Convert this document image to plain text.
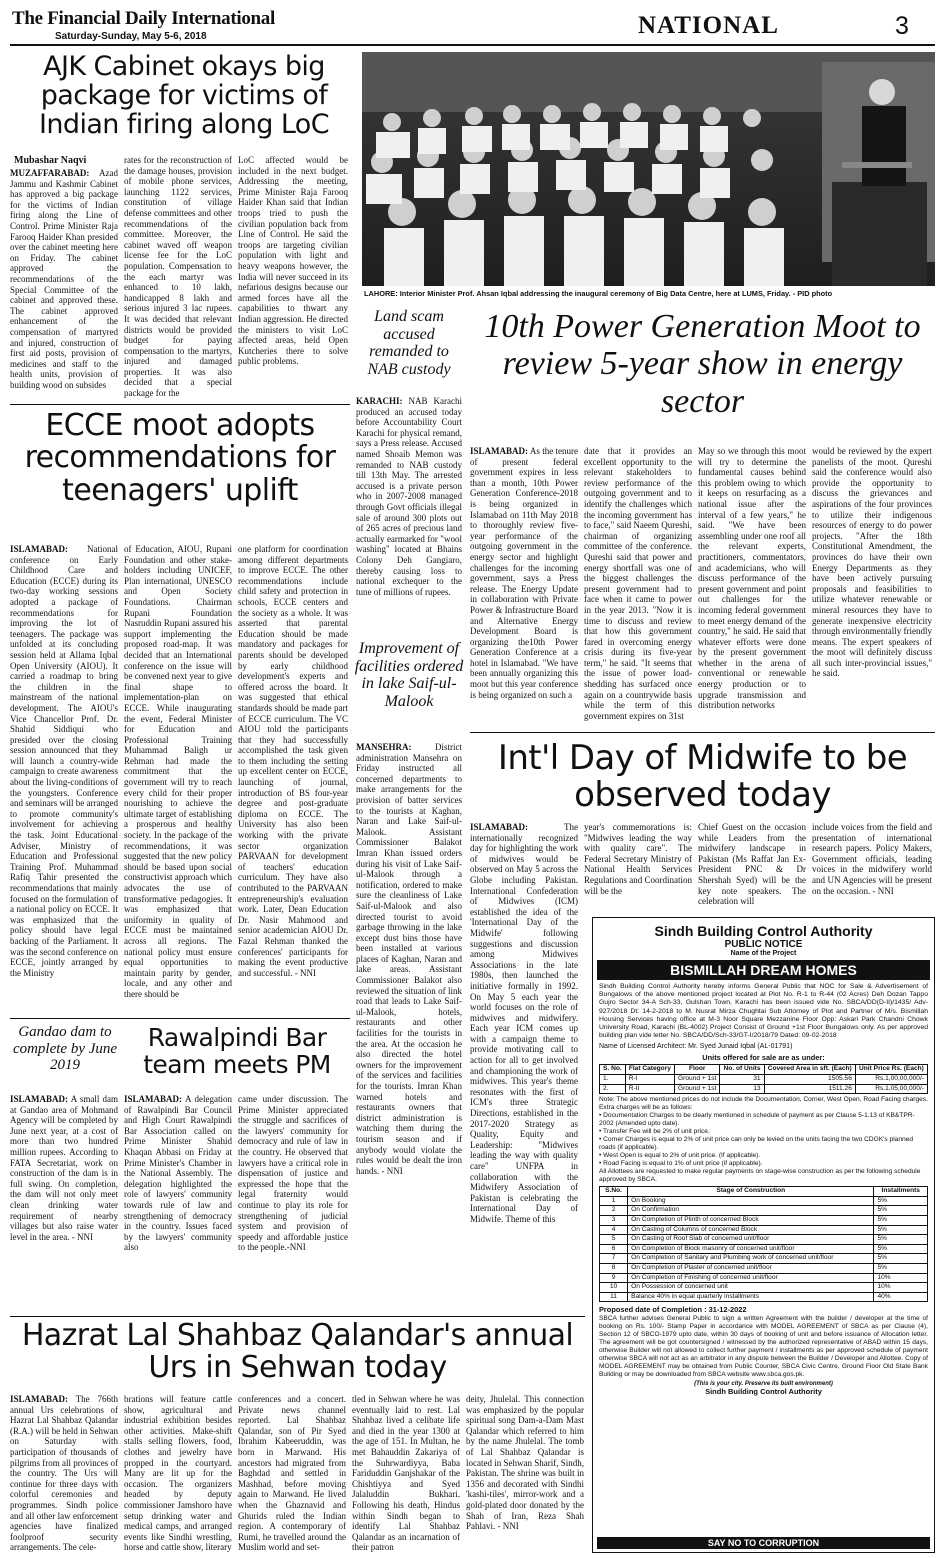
The Financial Daily International
Saturday-Sunday, May 5-6, 2018	NATIONAL	3
AJK Cabinet okays big package for victims of Indian firing along LoC
Mubashar Naqvi
MUZAFFARABAD: Azad Jammu and Kashmir Cabinet has approved a big package for the victims of Indian firing along the Line of Control. Prime Minister Raja Farooq Haider Khan presided over the cabinet meeting here on Friday. The cabinet approved the recommendations of the Special Committee of the cabinet and approved these. The cabinet approved enhancement of the compensation of martyred and injured, construction of first aid posts, provision of medicines and staff to the health units, provision of building wood on subsides
rates for the reconstruction of the damage houses, provision of mobile phone services, launching 1122 services, constitution of village defense committees and other recommendations of the committee. Moreover, the cabinet waved off weapon license fee for the LoC population. Compensation to the each martyr was enhanced to 10 lakh, handicapped 8 lakh and serious injured 3 lac rupees. It was decided that relevant districts would be provided budget for paying compensation to the martyrs, injured and damaged properties. It was also decided that a special package for the
LoC affected would be included in the next budget. Addressing the meeting, Prime Minister Raja Farooq Haider Khan said that Indian troops tried to push the civilian population back from Line of Control. He said the troops are targeting civilian population with light and heavy weapons however, the India will never succeed in its nefarious designs because our armed forces have all the capabilities to thwart any Indian aggression. He directed the ministers to visit LoC affected areas, held Open Kutcheries there to solve public problems.
LAHORE: Interior Minister Prof. Ahsan Iqbal addressing the inaugural ceremony of Big Data Centre, here at LUMS, Friday. - PID photo
Land scam accused remanded to NAB custody
KARACHI: NAB Karachi produced an accused today before Accountability Court Karachi for physical remand, says a Press release. Accused named Shoaib Memon was remanded to NAB custody till 13th May. The arrested accused is a private person who in 2007-2008 managed through Govt officials illegal sale of around 300 plots out of 265 acres of precious land actually earmarked for "wool washing" located at Bhains Colony Deh Gangiaro, thereby causing loss to national exchequer to the tune of millions of rupees.
Improvement of facilities ordered in lake Saif-ul-Malook
MANSEHRA:	District administration Mansehra on Friday instructed all concerned departments to make arrangements for the provision of batter services to the tourists at Kaghan, Naran and Lake Saif-ul-Malook. Assistant Commissioner Balakot Imran Khan issued orders during his visit of Lake Saif-ul-Malook through a notification, ordered to make sure the cleanliness of Lake Saif-ul-Malook and also directed tourist to avoid garbage throwing in the lake except dust bins those have been installed at various places of Kaghan, Naran and lake areas. Assistant Commissioner Balakot also reviewed the situation of link road that leads to Lake Saif-ul-Malook, hotels, restaurants and other facilities for the tourists in the area. At the occasion he also directed the hotel owners for the improvement of the services and facilities for the tourists. Imran Khan warned hotels and restaurants owners that district administration is watching them during the tourism season and if anybody would violate the rules would be dealt the iron hands. - NNI
10th Power Generation Moot to review 5-year show in energy sector
ISLAMABAD: As the tenure of present federal government expires in less than a month, 10th Power Generation Conference-2018 is being organized in Islamabad on 11th May 2018 to thoroughly review five-year performance of the outgoing government in the energy sector and highlight challenges for the incoming government, says a Press release. The Energy Update in collaboration with Private Power & Infrastructure Board and Alternative Energy Development Board is organizing the10th Power Generation Conference at a hotel in Islamabad. "We have been annually organizing this moot but this year conference is being organized on such a
date that it provides an excellent opportunity to the relevant stakeholders to review performance of the outgoing government and to identify the challenges which the incoming government has to face," said Naeem Qureshi, chairman of organizing committee of the conference. Qureshi said that power and energy shortfall was one of the biggest challenges the present government had to face when it came to power in the year 2013. "Now it is time to discuss and review that how this government fared in overcoming energy crisis during its five-year term," he said. "It seems that the issue of power load-shedding has surfaced once again on a countrywide basis while the term of this government expires on 31st
May so we through this moot will try to determine the fundamental causes behind this problem owing to which it keeps on resurfacing as a national issue after the interval of a few years," he said. "We have been assembling under one roof all the relevant experts, practitioners, commentators, and academicians, who will discuss performance of the present government and point out challenges for the incoming federal government to meet energy demand of the country," he said. He said that whatever efforts were done by the present government whether in the arena of conventional or renewable energy production or to upgrade transmission and distribution networks
would be reviewed by the expert panelists of the moot. Qureshi said the conference would also provide the opportunity to discuss the grievances and aspirations of the four provinces to utilize their indigenous resources of energy to do power projects. "After the 18th Constitutional Amendment, the provinces do have their own Energy Departments as they have been actively pursuing proposals and feasibilities to utilize whatever renewable or mineral resources they have to generate inexpensive electricity through environmentally friendly means. The expert speakers of the moot will definitely discuss all such inter-provincial issues," he said.
ECCE moot adopts recommendations for teenagers' uplift
ISLAMABAD: National conference on Early Childhood Care and Education (ECCE) during its two-day working sessions adopted a package of recommendations for improving the lot of teenagers. The package was unfolded at its concluding session held at Allama Iqbal Open University (AIOU). It carried a roadmap to bring the children in the mainstream of the national development. The AIOU's Vice Chancellor Prof. Dr. Shahid Siddiqui who presided over the closing session announced that they will launch a country-wide campaign to create awareness about the living-conditions of the youngsters. Conference and seminars will be arranged to promote community's involvement for achieving the task. Joint Educational Adviser, Ministry of Education and Professional Training Prof. Muhammad Rafiq Tahir presented the recommendations that mainly focused on the formulation of a national policy on ECCE. It was emphasized that the policy should have legal backing of the Parliament. It was the second conference on ECCE, jointly arranged by the Ministry
of Education, AIOU, Rupani Foundation and other stake-holders including UNICEF, Plan international, UNESCO and Open Society Foundations. Chairman Rupani Foundation Nasruddin Rupani assured his support implementing the proposed road-map. It was decided that an International conference on the issue will be convened next year to give final shape to implementation-plan on ECCE. While inaugurating the event, Federal Minister for Education and Professional Training Muhammad Baligh ur Rehman had made the commitment that the government will try to reach every child for their proper nourishing to achieve the ultimate target of establishing a prosperous and healthy society. In the package of the recommendations, it was suggested that the new policy should be based upon social constructivist approach which advocates the use of transformative pedagogies. It was emphasized that uniformity in quality of ECCE must be maintained across all regions. The national policy must ensure equal opportunities to maintain parity by gender, locale, and any other and there should be
one platform for coordination among different departments to improve ECCE. The other recommendations include child safety and protection in schools, ECCE centers and the society as a whole. It was asserted that parental Education should be made mandatory and packages for parents should be developed by early childhood development's experts and offered across the board. It was suggested that ethical standards should be made part of ECCE curriculum. The VC AIOU told the participants that they had successfully accomplished the task given to them including the setting up excellent center on ECCE, launching of journal, introduction of BS four-year degree and post-graduate diploma on ECCE. The University has also been working with the private sector organization PARVAAN for development of teachers' education curriculum. They have also contributed to the PARVAAN entrepreneurship's evaluation work. Later, Dean Education Dr. Nasir Mahmood and senior academician AIOU Dr. Fazal Rehman thanked the conferences' participants for making the event productive and successful. - NNI
Int'l Day of Midwife to be observed today
ISLAMABAD:	The internationally recognized day for highlighting the work of midwives would be observed on May 5 across the Globe including Pakistan. International Confederation of Midwives (ICM) established the idea of the 'International Day of the Midwife' following suggestions and discussion among Midwives Associations in the late 1980s, then launched the initiative formally in 1992. On May 5 each year the world focuses on the role of midwives and midwifery. Each year ICM comes up with a campaign theme to provide motivating call to action for all to get involved and championing the work of midwives. This year's theme resonates with the first of ICM's three Strategic Directions, established in the 2017-2020 Strategy as Quality, Equity and Leadership: "Midwives leading the way with quality care" UNFPA in collaboration with the Midwifery Association of Pakistan is celebrating the International Day of Midwife. Theme of this
year's commemorations is: "Midwives leading the way with quality care". The Federal Secretary Ministry of National Health Services Regulations and Coordination will be the
Chief Guest on the occasion while Leaders from the midwifery landscape in Pakistan (Ms Raffat Jan Ex-President PNC & Dr Shershah Syed) will be the key note speakers. The celebration will
include voices from the field and presentation of international research papers. Policy Makers, Government officials, leading voices in the midwifery world and UN Agencies will be present on the occasion. - NNI
Gandao dam to complete by June 2019
ISLAMABAD: A small dam at Gandao area of Mohmand Agency will be completed by June next year, at a cost of more than two hundred million rupees. According to FATA Secretariat, work on construction of the dam is in full swing. On completion, the dam will not only meet clean drinking water requirement of nearby villages but also raise water level in the area. - NNI
Rawalpindi Bar team meets PM
ISLAMABAD: A delegation of Rawalpindi Bar Council and High Court Rawalpindi Bar Association called on Prime Minister Shahid Khaqan Abbasi on Friday at Prime Minister's Chamber in the National Assembly. The delegation highlighted the role of lawyers' community towards rule of law and strengthening of democracy in the country. Issues faced by the lawyers' community also
came under discussion. The Prime Minister appreciated the struggle and sacrifices of the lawyers' community for democracy and rule of law in the country. He observed that lawyers have a critical role in dispensation of justice and expressed the hope that the legal fraternity would continue to play its role for strengthening of judicial system and provision of speedy and affordable justice to the people.-NNI
Hazrat Lal Shahbaz Qalandar's annual Urs in Sehwan today
ISLAMABAD: The 766th annual Urs celebrations of Hazrat Lal Shahbaz Qalandar (R.A.) will be held in Sehwan on Saturday with participation of thousands of pilgrims from all provinces of the country. The Urs will continue for three days with colorful ceremonies and programmes. Sindh police and all other law enforcement agencies have finalized foolproof security arrangements. The cele-
brations will feature cattle show, agricultural and industrial exhibition besides other activities. Make-shift stalls selling flowers, food, clothes and jewelry have propped in the courtyard. Many are lit up for the occasion. The organizers headed by deputy commissioner Jamshoro have setup drinking water and medical camps, and arranged events like Sindhi wrestling, horse and cattle show, literary
conferences and a concert. Private news channel reported. Lal Shahbaz Qalandar, son of Pir Syed Ibrahim Kabeeruddin, was born in Marwand. His ancestors had migrated from Baghdad and settled in Mashhad, before moving again to Marwand. He lived when the Ghaznavid and Ghurids ruled the Indian region. A contemporary of Rumi, he travelled around the Muslim world and set-
tled in Sehwan where he was eventually laid to rest. Lal Shahbaz lived a celibate life and died in the year 1300 at the age of 151. In Multan, he met Bahauddin Zakariya of the Suhrwardiyya, Baba Fariduddin Ganjshakar of the Chishtiyya and Syed Jalaluddin Bukhari. Following his death, Hindus within Sindh began to identify Lal Shahbaz Qalandar as an incarnation of their patron
deity, Jhulelal. This connection was emphasized by the popular spiritual song Dam-a-Dam Mast Qalandar which referred to him by the name Jhulelal. The tomb of Lal Shahbaz Qalandar is located in Sehwan Sharif, Sindh, Pakistan. The shrine was built in 1356 and decorated with Sindhi 'kashi-tiles', mirror-work and a gold-plated door donated by the Shah of Iran, Reza Shah Pahlavi. - NNI
Sindh Building Control Authority
PUBLIC NOTICE
Name of the Project
BISMILLAH DREAM HOMES
Sindh Building Control Authority hereby informs General Public that NOC for Sale & Advertisement of Bungalows of the above mentioned project located at Plot No. R-1 to R-44 (02 Acres) Deh Dozan Tappo Gujro Sector 34-A Sch-33, Gulshan Town, Karachi has been issued vide No. SBCA/DD(D-II)/1435/ Adv-927/2018 Dt: 14-2-2018 to M. Nusrat Mirza Chughtai Sub Attorney of Plot and Partner of M/s. Bismillah Housing Services having office at M-3 Noor Square Mezzanine Floor Opp: Askari Park Chandni Chowk University Road, Karachi (BL-4002) Project Consist of Ground +1st Floor Bungalows only. As per approved building plan vide letter No. SBCA/DD/Sch-33/GT-I/2018/79 Dated: 09-02-2018
Name of Licensed Architect: Mr. Syed Junaid Iqbal (AL-01791)
Units offered for sale are as under:
S. No.	Flat Category	Floor	No. of Units	Covered Area in sft. (Each)	Unit Price Rs. (Each)
1.	R-I	Ground + 1st	31	1505.56	Rs.1,00,00,000/-
2.	R-II	Ground + 1st	13	1511.26	Rs.1,05,00,000/-
Note: The above mentioned prices do not include the Documentation, Corner, West Open, Road Facing charges. Extra charges will be as follows:
• Documentation Charges to be clearly mentioned in schedule of payment as per Clause 5-1.13 of KB&TPR-2002 (Amended upto date).
• Transfer Fee will be 2% of unit price.
• Corner Charges is equal to 2% of unit price can only be levied on the units facing the two CDGK's planned roads (if applicable).
• West Open is equal to 2% of unit price. (If applicable).
• Road Facing is equal to 1% of unit price (if applicable).
All Allottees are requested to make regular payments on stage-wise construction as per the following schedule approved by SBCA.
S.No.	Stage of Construction	Installments
1	On Booking	5%
2	On Confirmation	5%
3	On Completion of Plinth of concerned Block	5%
4	On Casting of Columns of concerned Block	5%
5	On Casting of Roof Slab of concerned unit/floor	5%
6	On Completion of Block masonry of concerned unit/floor	5%
7	On Completion of Sanitary and Plumbing work of concerned unit/floor	5%
8	On Completion of Plaster of concerned unit/floor	5%
9	On Completion of Finishing of concerned unit/floor	10%
10	On Possession of concerned unit	10%
11	Balance 40% in equal quarterly installments	40%
Proposed date of Completion : 31-12-2022
SBCA further advises General Public to sign a written Agreement with the builder / developer at the time of booking on Rs. 100/- Stamp Paper in accordance with MODEL AGREEMENT of SBCA as per Clause (4), Section 12 of SBCO-1979 upto date, within 30 days of booking of unit and before issuance of Allocation letter. The agreement will be got countersigned / witnessed by the authorized representative of ABAD within 15 days, otherwise Builder will not allowed to collect further payment / installments as per approved schedule of payment otherwise SBCA will not act as an arbitrator in any dispute between the Builder / Developer and Allottee. Copy of MODEL AGREEMENT may be obtained from Public Counter, SBCA Civic Centre, Ground Floor Old State Bank Building or may be downloaded from SBCA website www.sbca.gos.pk.
(This is your city. Preserve its built environment)
Sindh Building Control Authority
SAY NO TO CORRUPTION
